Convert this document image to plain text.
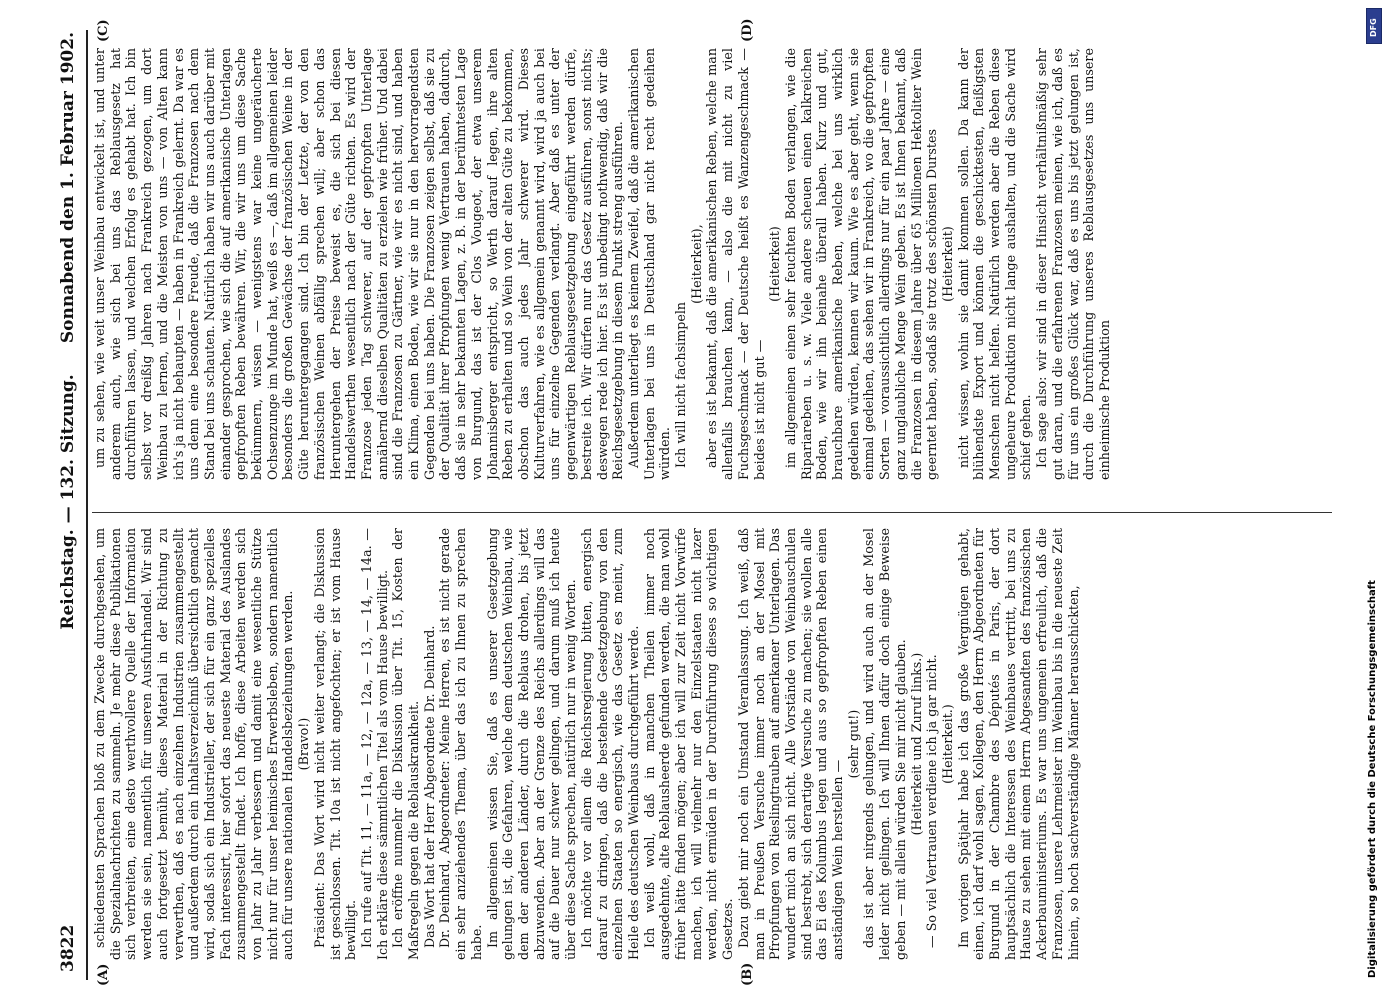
3822
Reichstag. — 132. Sitzung.
Sonnabend den 1. Februar 1902.
(A)	(B)
(C)	(D)

schiedensten Sprachen bloß zu dem Zwecke durchgesehen, um die Spezialnachrichten zu sammeln. Je mehr diese Publikationen sich verbreiten, eine desto werthvollere Quelle der Information werden sie sein, namentlich für unseren Ausfuhrhandel. Wir sind auch fortgesetzt bemüht, dieses Material in der Richtung zu verwerthen, daß es nach einzelnen Industrien zusammengestellt und außerdem durch ein Inhaltsverzeichniß übersichtlich gemacht wird, sodaß sich ein Industrieller, der sich für ein ganz spezielles Fach interessirt, hier sofort das neueste Material des Auslandes zusammengestellt findet. Ich hoffe, diese Arbeiten werden sich von Jahr zu Jahr verbessern und damit eine wesentliche Stütze nicht nur für unser heimisches Erwerbsleben, sondern namentlich auch für unsere nationalen Handelsbeziehungen werden. (Bravo!) Präsident: Das Wort wird nicht weiter verlangt; die Diskussion ist geschlossen. Tit. 10a ist nicht angefochten; er ist vom Hause bewilligt. Ich rufe auf Tit. 11, — 11a, — 12, — 12a, — 13, — 14, — 14a. — Ich erkläre diese sämmtlichen Titel als vom Hause bewilligt. Ich eröffne nunmehr die Diskussion über Tit. 15, Kosten der Maßregeln gegen die Reblauskrankheit. Das Wort hat der Herr Abgeordnete Dr. Deinhard. Dr. Deinhard, Abgeordneter: Meine Herren, es ist nicht gerade ein sehr anziehendes Thema, über das ich zu Ihnen zu sprechen habe. Im allgemeinen wissen Sie, daß es unserer Gesetzgebung gelungen ist, die Gefahren, welche dem deutschen Weinbau, wie dem der anderen Länder, durch die Reblaus drohen, bis jetzt abzuwenden. Aber an der Grenze des Reichs allerdings will das auf die Dauer nur schwer gelingen, und darum muß ich heute über diese Sache sprechen, natürlich nur in wenig Worten. Ich möchte vor allem die Reichsregierung bitten, energisch darauf zu dringen, daß die bestehende Gesetzgebung von den einzelnen Staaten so energisch, wie das Gesetz es meint, zum Heile des deutschen Weinbaus durchgeführt werde. Ich weiß wohl, daß in manchen Theilen immer noch ausgedehnte, alte Reblausheerde gefunden werden, die man wohl früher hätte finden mögen; aber ich will zur Zeit nicht Vorwürfe machen, ich will vielmehr nur den Einzelstaaten nicht lazer werden, nicht ermüden in der Durchführung dieses so wichtigen Gesetzes. Dazu giebt mir noch ein Umstand Veranlassung. Ich weiß, daß man in Preußen Versuche immer noch an der Mosel mit Pfropfungen von Rieslingtrauben auf amerikaner Unterlagen. Das wundert mich an sich nicht. Alle Vorstände von Weinbauschulen sind bestrebt, sich derartige Versuche zu machen; sie wollen alle das Ei des Kolumbus legen und aus so gepfropften Reben einen anständigen Wein herstellen —

(sehr gut!) das ist aber nirgends gelungen, und wird auch an der Mosel leider nicht gelingen. Ich will Ihnen dafür doch einige Beweise geben — mit allein würden Sie mir nicht glauben. (Heiterkeit und Zuruf links.) — So viel Vertrauen verdiene ich ja gar nicht. (Heiterkeit.) Im vorigen Spätjahr habe ich das große Vergnügen gehabt, einen, ich darf wohl sagen, Kollegen, den Herrn Abgeordneten für Burgund in der Chambre des Députés in Paris, der dort hauptsächlich die Interessen des Weinbaues vertritt, bei uns zu Hause zu sehen mit einem Herrn Abgesandten des französischen Ackerbauministeriums. Es war uns ungemein erfreulich, daß die Franzosen, unsere Lehrmeister im Weinbau bis in die neueste Zeit hinein, so hoch sachverständige Männer herausschickten,

um zu sehen, wie weit unser Weinbau entwickelt ist, und unter anderem auch, wie sich bei uns das Reblausgesetz hat durchführen lassen, und welchen Erfolg es gehabt hat. Ich bin selbst vor dreißig Jahren nach Frankreich gezogen, um dort Weinbau zu lernen, und die Meisten von uns — von Alten kann ich's ja nicht behaupten — haben in Frankreich gelernt. Da war es uns denn eine besondere Freude, daß die Franzosen nach dem Stand bei uns schauten. Natürlich haben wir uns auch darüber mit einander gesprochen, wie sich die auf amerikanische Unterlagen gepfropften Reben bewähren. Wir, die wir uns um diese Sache bekümmern, wissen — wenigstens war keine ungeräucherte Ochsenzunge im Munde hat, weiß es —, daß im allgemeinen leider besonders die großen Gewächse der französischen Weine in der Güte heruntergegangen sind. Ich bin der Letzte, der von den französischen Weinen abfällig sprechen will; aber schon das Heruntergehen der Preise beweist es, die sich bei diesen Handelswerthen wesentlich nach der Güte richten. Es wird der Franzose jeden Tag schwerer, auf der gepfropften Unterlage annähernd dieselben Qualitäten zu erzielen wie früher. Und dabei sind die Franzosen zu Gärtner, wie wir es nicht sind, und haben ein Klima, einen Boden, wie wir sie nur in den hervorragendsten Gegenden bei uns haben. Die Franzosen zeigen selbst, daß sie zu der Qualität ihrer Pfropfungen wenig Vertrauen haben, dadurch, daß sie in sehr bekannten Lagen, z. B. in der berühmtesten Lage von Burgund, das ist der Clos Vougeot, der etwa unserem Johannisberger entspricht, so Werth darauf legen, ihre alten Reben zu erhalten und so Wein von der alten Güte zu bekommen, obschon das auch jedes Jahr schwerer wird. Dieses Kulturverfahren, wie es allgemein genannt wird, wird ja auch bei uns für einzelne Gegenden verlangt. Aber daß es unter der gegenwärtigen Reblausgesetzgebung eingeführt werden dürfe, bestreite ich. Wir dürfen nur das Gesetz ausführen, sonst nichts; deswegen rede ich hier. Es ist unbedingt nothwendig, daß wir die Reichsgesetzgebung in diesem Punkt streng ausführen. Außerdem unterliegt es keinem Zweifel, daß die amerikanischen Unterlagen bei uns in Deutschland gar nicht recht gedeihen würden. Ich will nicht fachsimpeln

(Heiterkeit), aber es ist bekannt, daß die amerikanischen Reben, welche man allenfalls brauchen kann, — also die mit nicht zu viel Fuchsgeschmack — der Deutsche heißt es Wanzengeschmack — beides ist nicht gut —

(Heiterkeit) im allgemeinen einen sehr feuchten Boden verlangen, wie die Ripariareben u. s. w. Viele andere scheuen einen kalkreichen Boden, wie wir ihn beinahe überall haben. Kurz und gut, brauchbare amerikanische Reben, welche bei uns wirklich gedeihen würden, kennen wir kaum. Wie es aber geht, wenn sie einmal gedeihen, das sehen wir in Frankreich, wo die gepfropften Sorten — voraussichtlich allerdings nur für ein paar Jahre — eine ganz unglaubliche Menge Wein geben. Es ist Ihnen bekannt, daß die Franzosen in diesem Jahre über 65 Millionen Hektoliter Wein geerntet haben, sodaß sie trotz des schönsten Durstes (Heiterkeit) nicht wissen, wohin sie damit kommen sollen. Da kann der blühendste Export und können die geschicktesten, fleißigsten Menschen nicht helfen. Natürlich werden aber die Reben diese ungeheure Produktion nicht lange aushalten, und die Sache wird schief gehen. Ich sage also: wir sind in dieser Hinsicht verhältnißmäßig sehr gut daran, und die erfahrenen Franzosen meinen, wie ich, daß es für uns ein großes Glück war, daß es uns bis jetzt gelungen ist, durch die Durchführung unseres Reblausgesetzes uns unsere einheimische Produktion

DFG
Digitalisierung gefördert durch die Deutsche Forschungsgemeinschaft
